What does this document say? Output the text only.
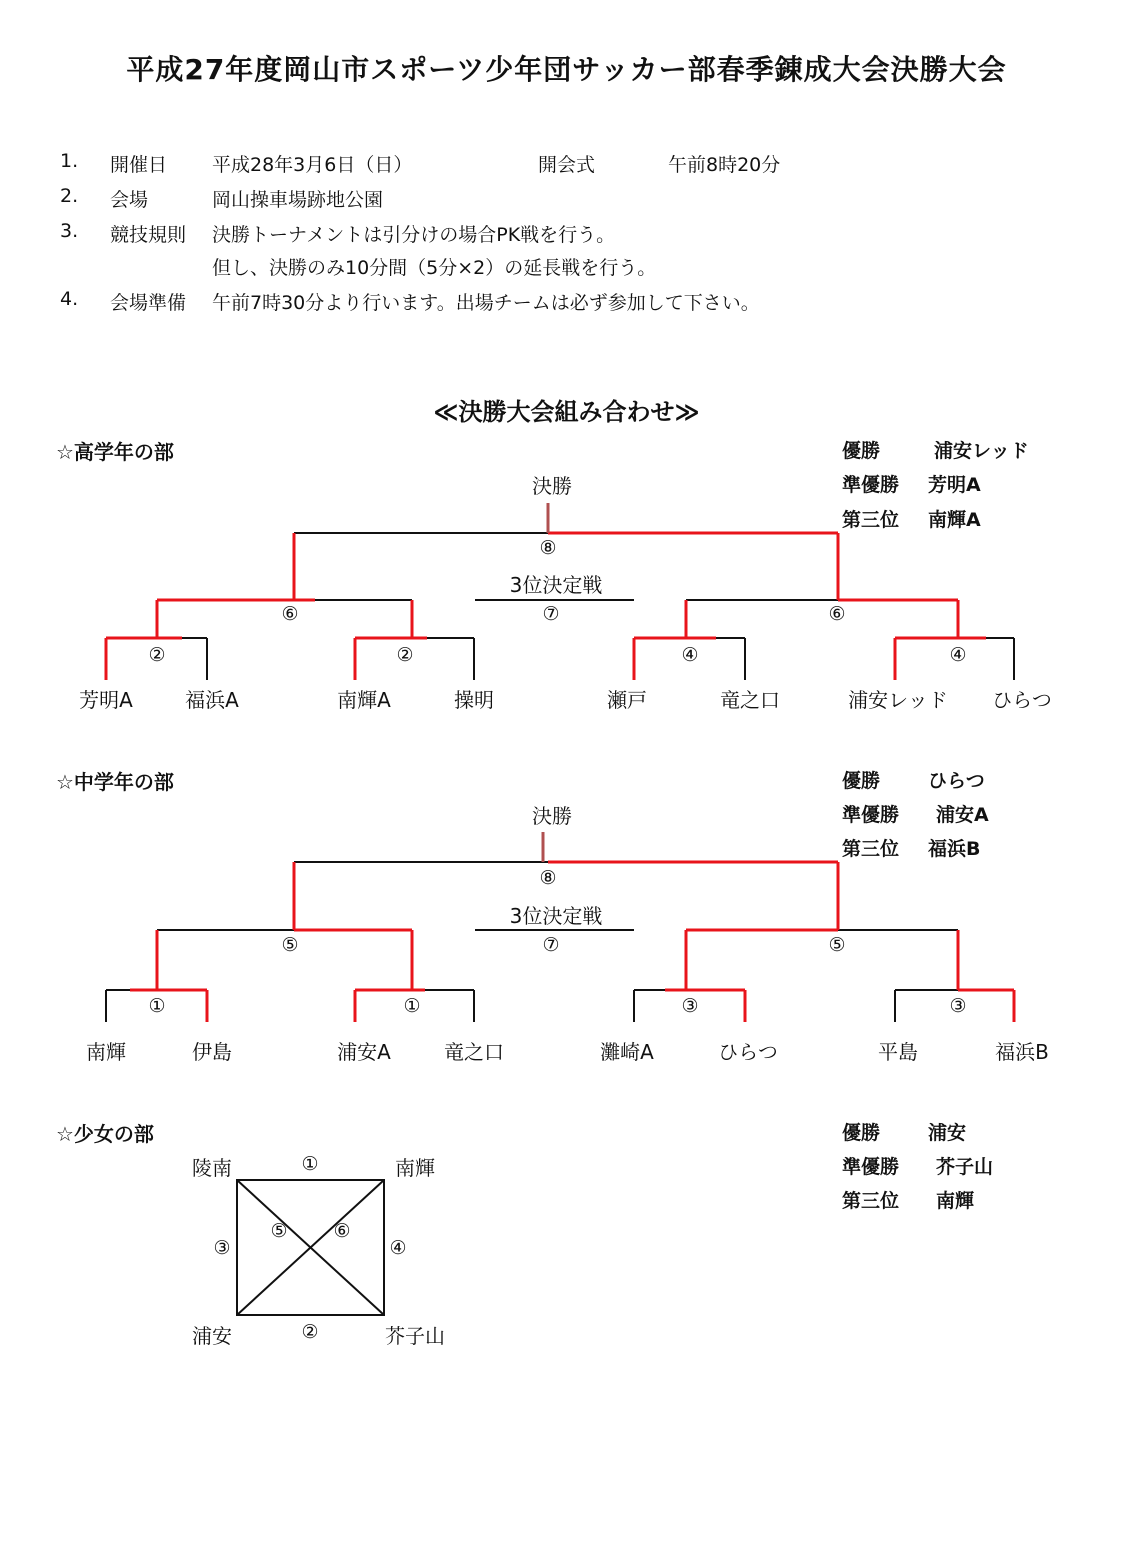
平成27年度岡山市スポーツ少年団サッカー部春季錬成大会決勝大会
1. 開催日 平成28年3月6日（日）	開会式	午前8時20分
2. 会場	岡山操車場跡地公園
3. 競技規則 決勝トーナメントは引分けの場合PK戦を行う。
但し、決勝のみ10分間（5分×2）の延長戦を行う。
4. 会場準備 午前7時30分より行います。出場チームは必ず参加して下さい。
≪決勝大会組み合わせ≫
☆高学年の部	優勝	浦安レッド
準優勝 芳明A
第三位 南輝A
決勝
⑧
3位決定戦
⑦
⑥	⑥
②	②	④	④
芳明A	福浜A	南輝A	操明	瀬戸	竜之口	浦安レッド	ひらつ
☆中学年の部	優勝	ひらつ
準優勝 浦安A
第三位 福浜B
決勝
⑧
3位決定戦
⑦
⑤	⑤
①	①	③	③
南輝	伊島	浦安A	竜之口	灘崎A	ひらつ	平島	福浜B
☆少女の部	優勝	浦安
準優勝 芥子山
第三位 南輝
陵南	南輝
浦安	芥子山
①
②
③	④
⑤	⑥
